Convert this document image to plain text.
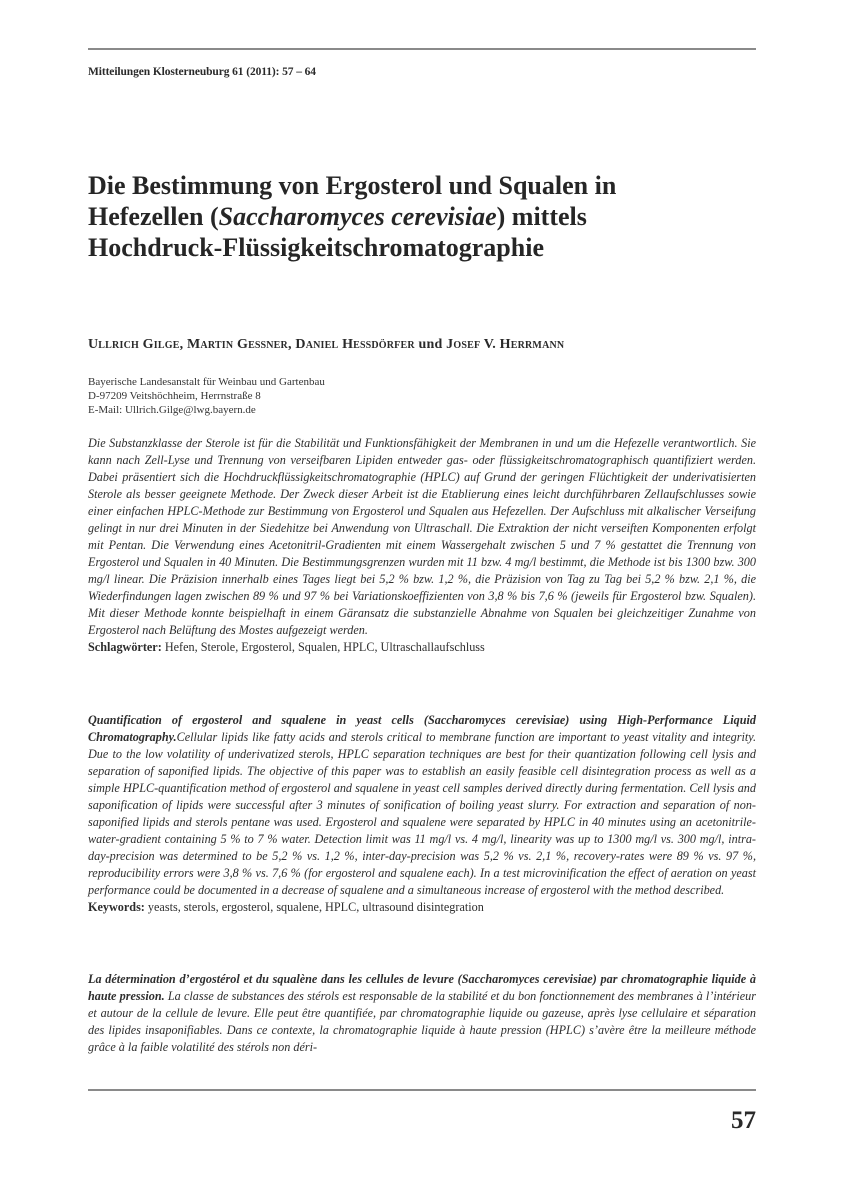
Mitteilungen Klosterneuburg 61 (2011): 57 – 64
Die Bestimmung von Ergosterol und Squalen in
Hefezellen (Saccharomyces cerevisiae) mittels
Hochdruck-Flüssigkeitschromatographie
Ullrich Gilge, Martin Geßner, Daniel Heßdörfer und Josef V. Herrmann
Bayerische Landesanstalt für Weinbau und Gartenbau
D-97209 Veitshöchheim, Herrnstraße 8
E-Mail: Ullrich.Gilge@lwg.bayern.de

Die Substanzklasse der Sterole ist für die Stabilität und Funktionsfähigkeit der Membranen in und um die Hefezelle verantwortlich. Sie kann nach Zell-Lyse und Trennung von verseifbaren Lipiden entweder gas- oder flüssigkeitschromatographisch quantifiziert werden. Dabei präsentiert sich die Hochdruckflüssigkeitschromatographie (HPLC) auf Grund der geringen Flüchtigkeit der underivatisierten Sterole als besser geeignete Methode. Der Zweck dieser Arbeit ist die Etablierung eines leicht durchführbaren Zellaufschlusses sowie einer einfachen HPLC-Methode zur Bestimmung von Ergosterol und Squalen aus Hefezellen. Der Aufschluss mit alkalischer Verseifung gelingt in nur drei Minuten in der Siedehitze bei Anwendung von Ultraschall. Die Extraktion der nicht verseiften Komponenten erfolgt mit Pentan. Die Verwendung eines Acetonitril-Gradienten mit einem Wassergehalt zwischen 5 und 7 % gestattet die Trennung von Ergosterol und Squalen in 40 Minuten. Die Bestimmungsgrenzen wurden mit 11 bzw. 4 mg/l bestimmt, die Methode ist bis 1300 bzw. 300 mg/l linear. Die Präzision innerhalb eines Tages liegt bei 5,2 % bzw. 1,2 %, die Präzision von Tag zu Tag bei 5,2 % bzw. 2,1 %, die Wiederfindungen lagen zwischen 89 % und 97 % bei Variationskoeffizienten von 3,8 % bis 7,6 % (jeweils für Ergosterol bzw. Squalen). Mit dieser Methode konnte beispielhaft in einem Gäransatz die substanzielle Abnahme von Squalen bei gleichzeitiger Zunahme von Ergosterol nach Belüftung des Mostes aufgezeigt werden.
Schlagwörter: Hefen, Sterole, Ergosterol, Squalen, HPLC, Ultraschallaufschluss

Quantification of ergosterol and squalene in yeast cells (Saccharomyces cerevisiae) using High-Performance Liquid Chromatography.Cellular lipids like fatty acids and sterols critical to membrane function are important to yeast vitality and integrity. Due to the low volatility of underivatized sterols, HPLC separation techniques are best for their quantization following cell lysis and separation of saponified lipids. The objective of this paper was to establish an easily feasible cell disintegration process as well as a simple HPLC-quantification method of ergosterol and squalene in yeast cell samples derived directly during fermentation. Cell lysis and saponification of lipids were successful after 3 minutes of sonification of boiling yeast slurry. For extraction and separation of non-saponified lipids and sterols pentane was used. Ergosterol and squalene were separated by HPLC in 40 minutes using an acetonitrile-water-gradient containing 5 % to 7 % water. Detection limit was 11 mg/l vs. 4 mg/l, linearity was up to 1300 mg/l vs. 300 mg/l, intra-day-precision was determined to be 5,2 % vs. 1,2 %, inter-day-precision was 5,2 % vs. 2,1 %, recovery-rates were 89 % vs. 97 %, reproducibility errors were 3,8 % vs. 7,6 % (for ergosterol and squalene each). In a test microvinification the effect of aeration on yeast performance could be documented in a decrease of squalene and a simultaneous increase of ergosterol with the method described.
Keywords: yeasts, sterols, ergosterol, squalene, HPLC, ultrasound disintegration

La détermination d’ergostérol et du squalène dans les cellules de levure (Saccharomyces cerevisiae) par chromatographie liquide à haute pression. La classe de substances des stérols est responsable de la stabilité et du bon fonctionnement des membranes à l’intérieur et autour de la cellule de levure. Elle peut être quantifiée, par chromatographie liquide ou gazeuse, après lyse cellulaire et séparation des lipides insaponifiables. Dans ce contexte, la chromatographie liquide à haute pression (HPLC) s’avère être la meilleure méthode grâce à la faible volatilité des stérols non déri-

57
